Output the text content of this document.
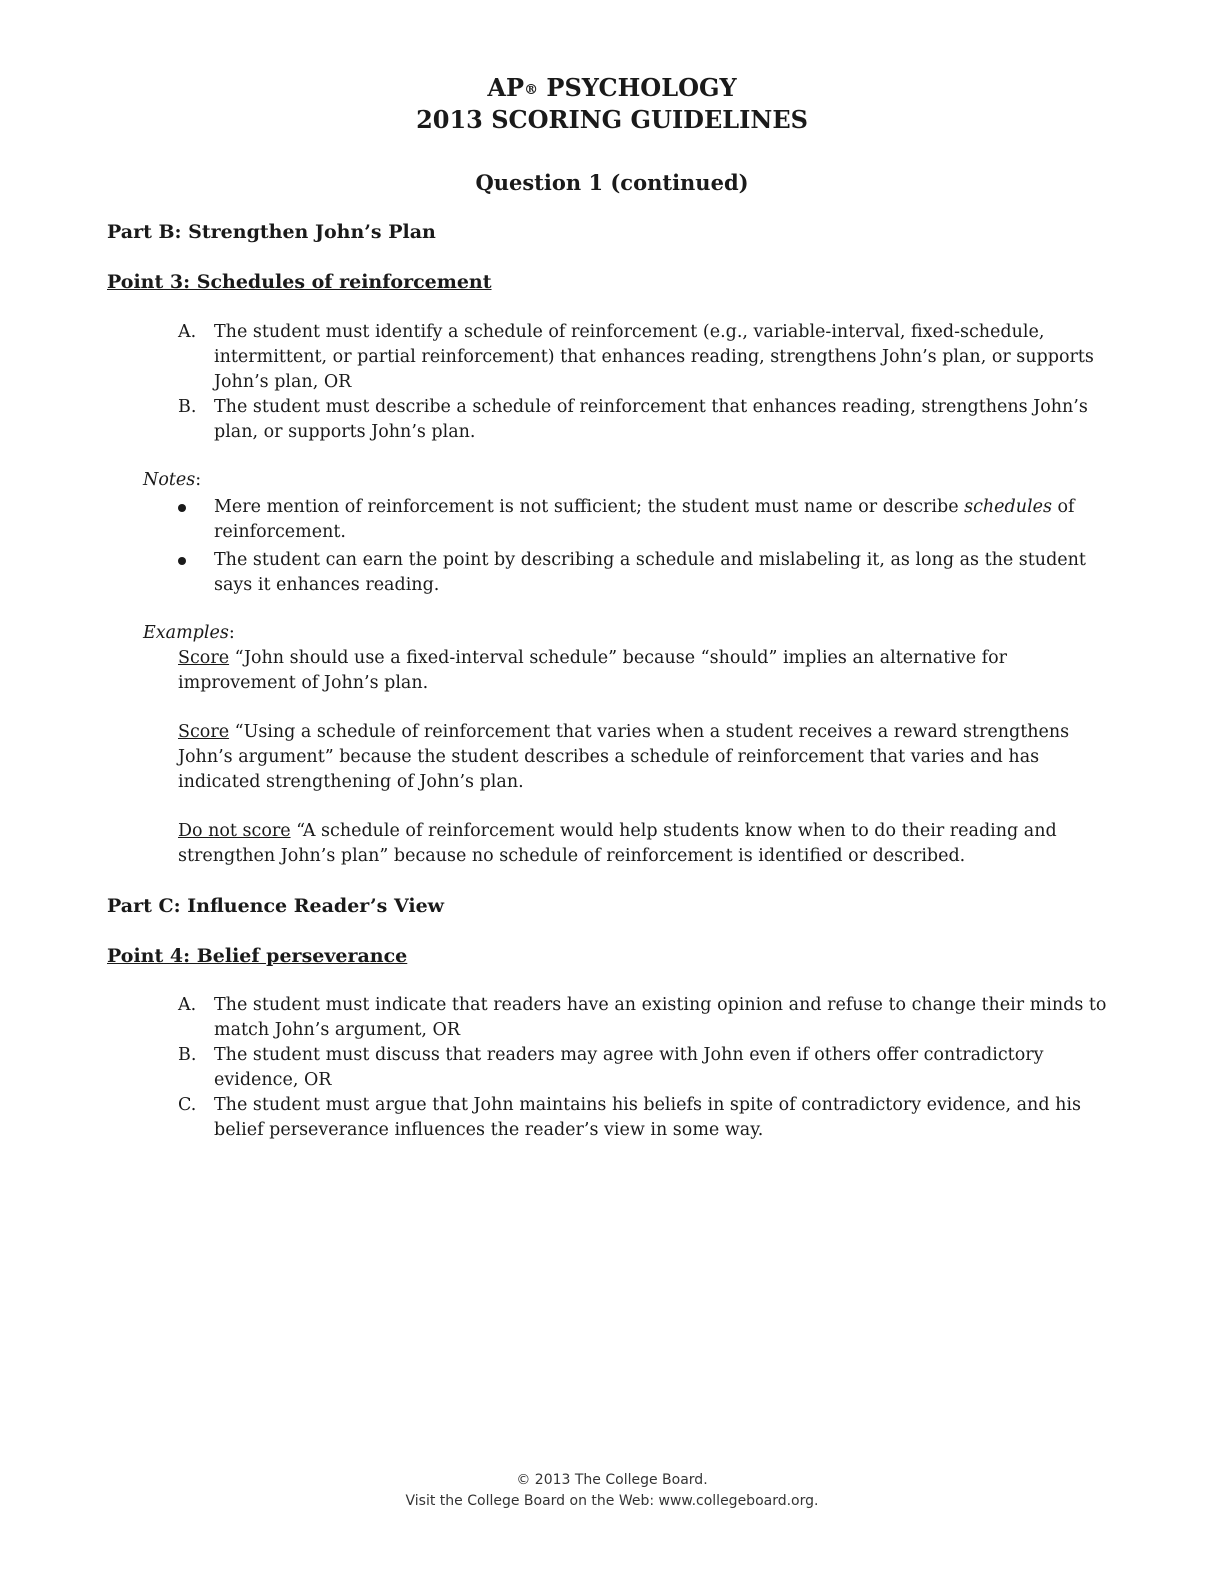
AP® PSYCHOLOGY
2013 SCORING GUIDELINES
Question 1 (continued)
Part B: Strengthen John’s Plan
Point 3: Schedules of reinforcement
A. The student must identify a schedule of reinforcement (e.g., variable-interval, fixed-schedule, intermittent, or partial reinforcement) that enhances reading, strengthens John’s plan, or supports John’s plan, OR
B. The student must describe a schedule of reinforcement that enhances reading, strengthens John’s plan, or supports John’s plan.
Notes:
Mere mention of reinforcement is not sufficient; the student must name or describe schedules of reinforcement.
The student can earn the point by describing a schedule and mislabeling it, as long as the student says it enhances reading.
Examples:
Score “John should use a fixed-interval schedule” because “should” implies an alternative for improvement of John’s plan.
Score “Using a schedule of reinforcement that varies when a student receives a reward strengthens John’s argument” because the student describes a schedule of reinforcement that varies and has indicated strengthening of John’s plan.
Do not score “A schedule of reinforcement would help students know when to do their reading and strengthen John’s plan” because no schedule of reinforcement is identified or described.
Part C: Influence Reader’s View
Point 4: Belief perseverance
A. The student must indicate that readers have an existing opinion and refuse to change their minds to match John’s argument, OR
B. The student must discuss that readers may agree with John even if others offer contradictory evidence, OR
C. The student must argue that John maintains his beliefs in spite of contradictory evidence, and his belief perseverance influences the reader’s view in some way.
© 2013 The College Board.
Visit the College Board on the Web: www.collegeboard.org.
